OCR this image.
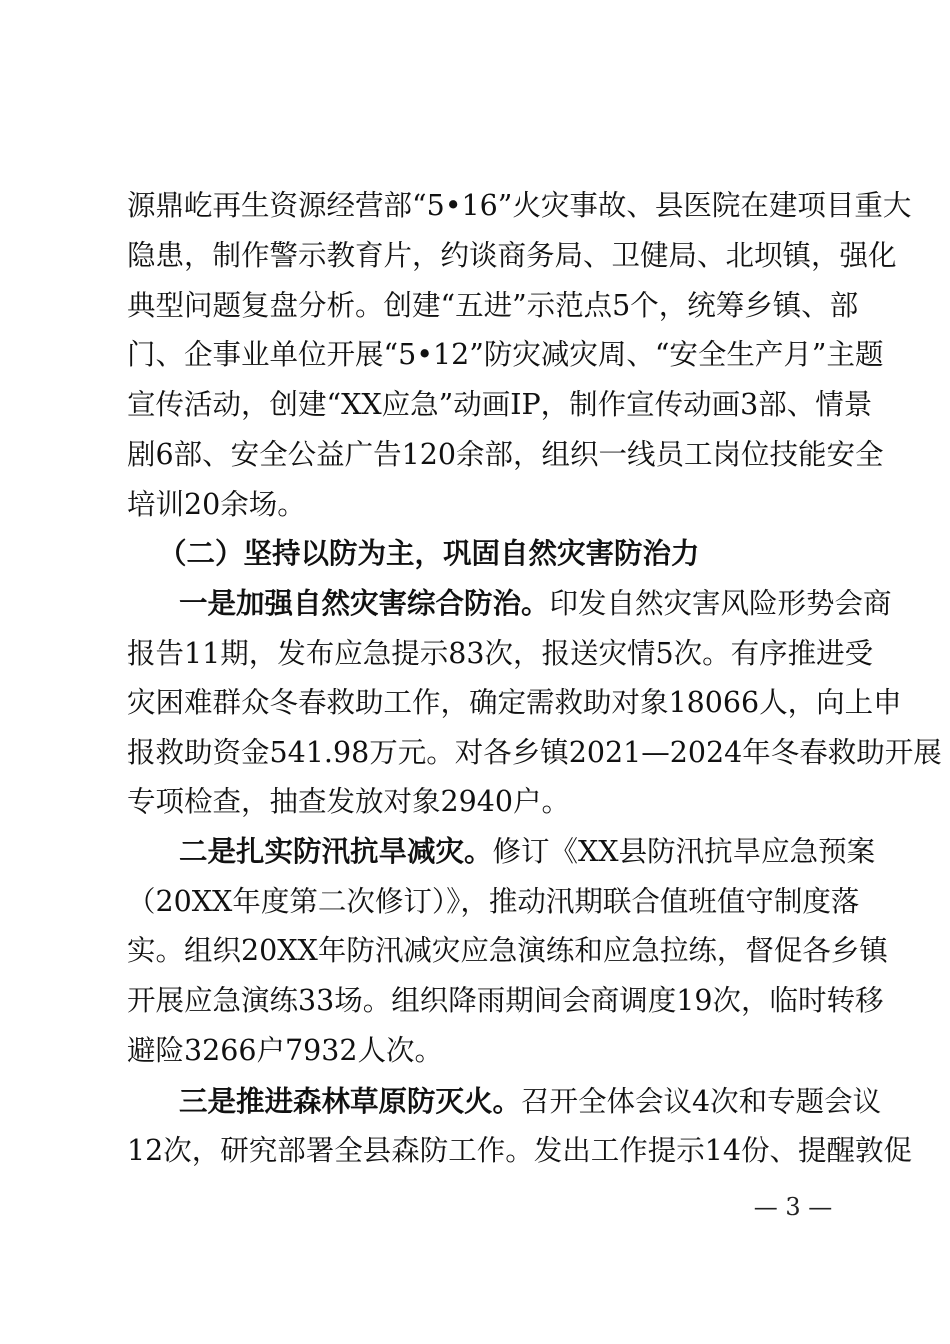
源鼎屹再生资源经营部“5•16”火灾事故、县医院在建项目重大
隐患，制作警示教育片，约谈商务局、卫健局、北坝镇，强化
典型问题复盘分析。创建“五进”示范点5个，统筹乡镇、部
门、企事业单位开展“5•12”防灾减灾周、“安全生产月”主题
宣传活动，创建“XX应急”动画IP，制作宣传动画3部、情景
剧6部、安全公益广告120余部，组织一线员工岗位技能安全
培训20余场。
（二）坚持以防为主，巩固自然灾害防治力
一是加强自然灾害综合防治。印发自然灾害风险形势会商
报告11期，发布应急提示83次，报送灾情5次。有序推进受
灾困难群众冬春救助工作，确定需救助对象18066人，向上申
报救助资金541.98万元。对各乡镇2021—2024年冬春救助开展
专项检查，抽查发放对象2940户。
二是扎实防汛抗旱减灾。修订《XX县防汛抗旱应急预案
（20XX年度第二次修订）》，推动汛期联合值班值守制度落
实。组织20XX年防汛减灾应急演练和应急拉练，督促各乡镇
开展应急演练33场。组织降雨期间会商调度19次，临时转移
避险3266户7932人次。
三是推进森林草原防灭火。召开全体会议4次和专题会议
12次，研究部署全县森防工作。发出工作提示14份、提醒敦促
— 3 —
